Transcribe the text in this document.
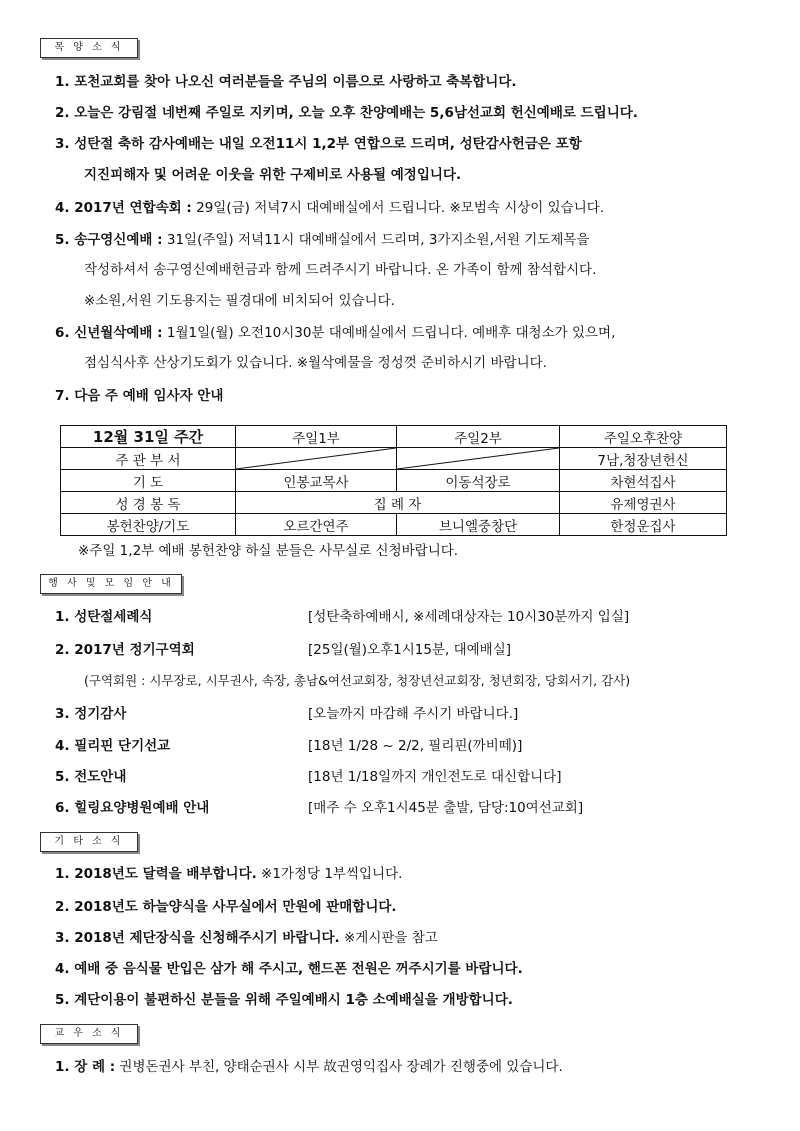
목 양 소 식
1. 포천교회를 찾아 나오신 여러분들을 주님의 이름으로 사랑하고 축복합니다.
2. 오늘은 강림절 네번째 주일로 지키며, 오늘 오후 찬양예배는 5,6남선교회 헌신예배로 드립니다.
3. 성탄절 축하 감사예배는 내일 오전11시 1,2부 연합으로 드리며, 성탄감사헌금은 포항
지진피해자 및 어려운 이웃을 위한 구제비로 사용될 예정입니다.
4. 2017년 연합속회 : 29일(금) 저녁7시 대예배실에서 드립니다. ※모범속 시상이 있습니다.
5. 송구영신예배 : 31일(주일) 저녁11시 대예배실에서 드리며, 3가지소원,서원 기도제목을
작성하셔서 송구영신예배헌금과 함께 드려주시기 바랍니다. 온 가족이 함께 참석합시다.
※소원,서원 기도용지는 필경대에 비치되어 있습니다.
6. 신년월삭예배 : 1월1일(월) 오전10시30분 대예배실에서 드립니다. 예배후 대청소가 있으며,
점심식사후 산상기도회가 있습니다. ※월삭예물을 정성껏 준비하시기 바랍니다.
7. 다음 주 예배 임사자 안내
12월 31일 주간	주일1부	주일2부	주일오후찬양
주 관 부 서			7남,청장년헌신
기 도	인봉교목사	이동석장로	차현석집사
성 경 봉 독	집 례 자		유제영권사
봉헌찬양/기도	오르간연주	브니엘중창단	한정운집사
※주일 1,2부 예배 봉헌찬양 하실 분들은 사무실로 신청바랍니다.
행 사 및 모 임 안 내
1. 성탄절세례식	[성탄축하예배시, ※세례대상자는 10시30분까지 입실]
2. 2017년 정기구역회	[25일(월)오후1시15분, 대예배실]
(구역회원 : 시무장로, 시무권사, 속장, 총남&여선교회장, 청장년선교회장, 청년회장, 당회서기, 감사)
3. 정기감사	[오늘까지 마감해 주시기 바랍니다.]
4. 필리핀 단기선교	[18년 1/28 ~ 2/2, 필리핀(까비떼)]
5. 전도안내	[18년 1/18일까지 개인전도로 대신합니다]
6. 힐링요양병원예배 안내	[매주 수 오후1시45분 출발, 담당:10여선교회]
기 타 소 식
1. 2018년도 달력을 배부합니다. ※1가정당 1부씩입니다.
2. 2018년도 하늘양식을 사무실에서 만원에 판매합니다.
3. 2018년 제단장식을 신청해주시기 바랍니다. ※게시판을 참고
4. 예배 중 음식물 반입은 삼가 해 주시고, 핸드폰 전원은 꺼주시기를 바랍니다.
5. 계단이용이 불편하신 분들을 위해 주일예배시 1층 소예배실을 개방합니다.
교 우 소 식
1. 장 례 : 권병돈권사 부친, 양태순권사 시부 故권영익집사 장례가 진행중에 있습니다.
